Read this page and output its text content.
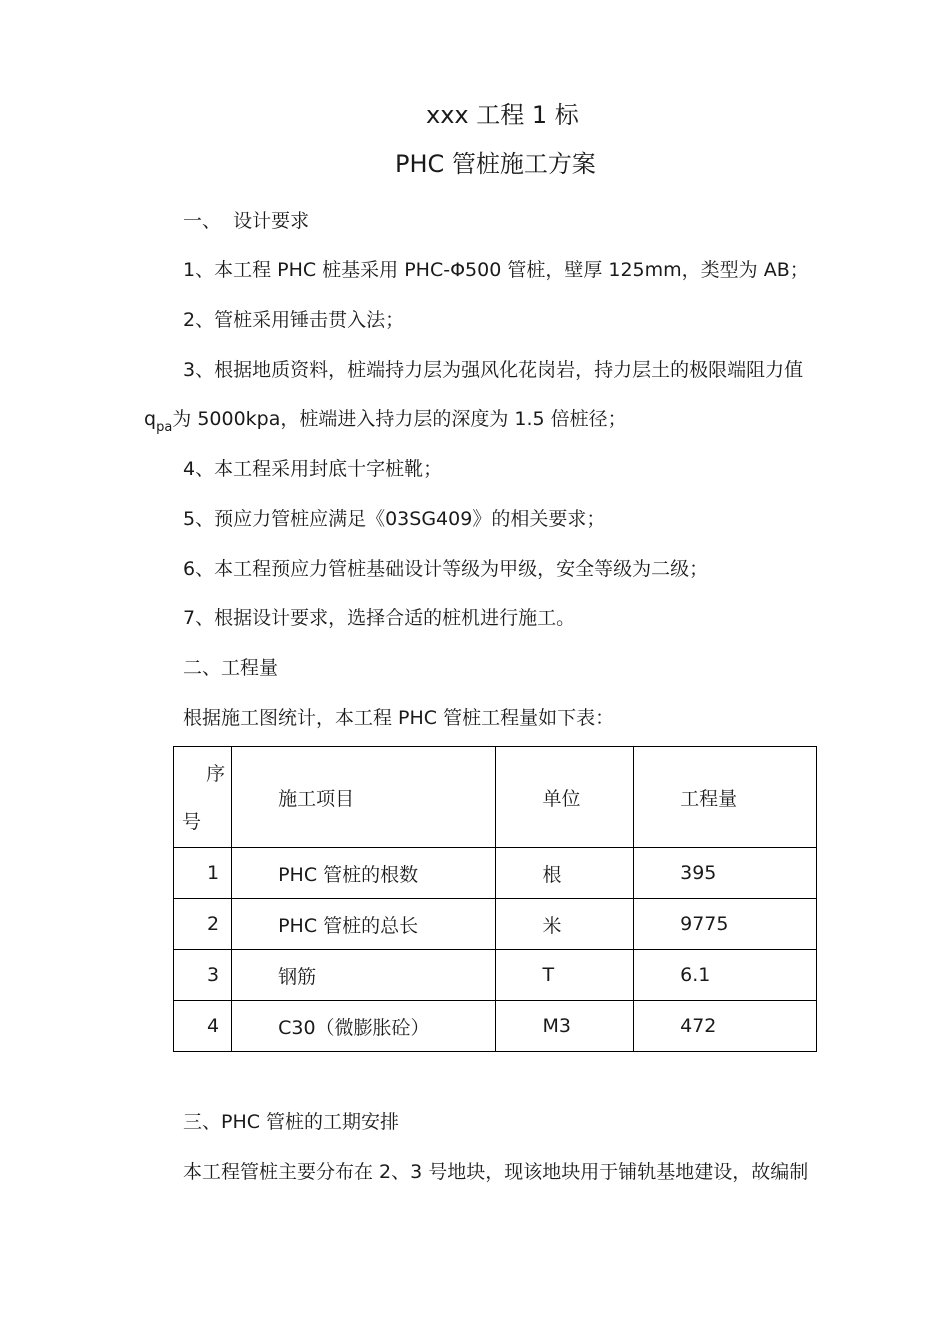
xxx 工程 1 标
PHC 管桩施工方案
一、  设计要求
1、本工程 PHC 桩基采用 PHC-Φ500 管桩，壁厚 125mm，类型为 AB；
2、管桩采用锤击贯入法；
3、根据地质资料，桩端持力层为强风化花岗岩，持力层土的极限端阻力值
$q_{pa}$为 5000kpa，桩端进入持力层的深度为 1.5 倍桩径；
4、本工程采用封底十字桩靴；
5、预应力管桩应满足《03SG409》的相关要求；
6、本工程预应力管桩基础设计等级为甲级，安全等级为二级；
7、根据设计要求，选择合适的桩机进行施工。
二、工程量
根据施工图统计，本工程 PHC 管桩工程量如下表：
序
号	施工项目	单位	工程量
1	PHC 管桩的根数	根	395
2	PHC 管桩的总长	米	9775
3	钢筋	T	6.1
4	C30（微膨胀砼）	M3	472
三、PHC 管桩的工期安排
本工程管桩主要分布在 2、3 号地块，现该地块用于铺轨基地建设，故编制
